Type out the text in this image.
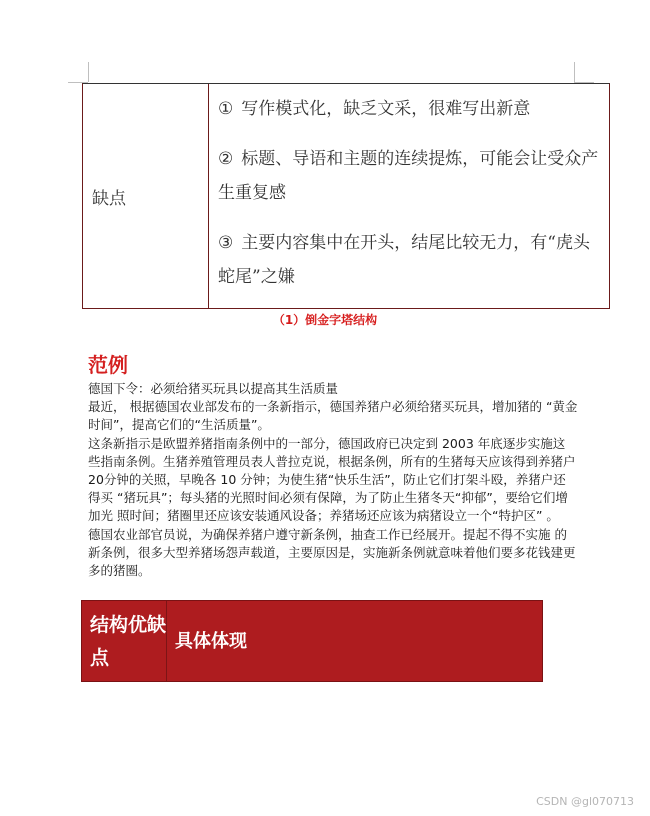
缺点
① 写作模式化，缺乏文采，很难写出新意
② 标题、导语和主题的连续提炼，可能会让受众产生重复感
③ 主要内容集中在开头，结尾比较无力，有“虎头蛇尾”之嫌
（1）倒金字塔结构
范例

德国下令：必须给猪买玩具以提高其生活质量

最近， 根据德国农业部发布的一条新指示，德国养猪户必须给猪买玩具，增加猪的 “黄金时间”，提高它们的“生活质量”。

这条新指示是欧盟养猪指南条例中的一部分，德国政府已决定到 2003 年底逐步实施这 些指南条例。生猪养殖管理员表人普拉克说，根据条例，所有的生猪每天应该得到养猪户 20分钟的关照，早晚各 10 分钟；为使生猪“快乐生活”，防止它们打架斗殴，养猪户还得买 “猪玩具”；每头猪的光照时间必须有保障，为了防止生猪冬天“抑郁”，要给它们增加光 照时间；猪圈里还应该安装通风设备；养猪场还应该为病猪设立一个“特护区” 。

德国农业部官员说，为确保养猪户遵守新条例，抽查工作已经展开。提起不得不实施 的新条例，很多大型养猪场怨声载道，主要原因是，实施新条例就意味着他们要多花钱建更 多的猪圈。

结构优缺点
具体体现
CSDN @gl070713
